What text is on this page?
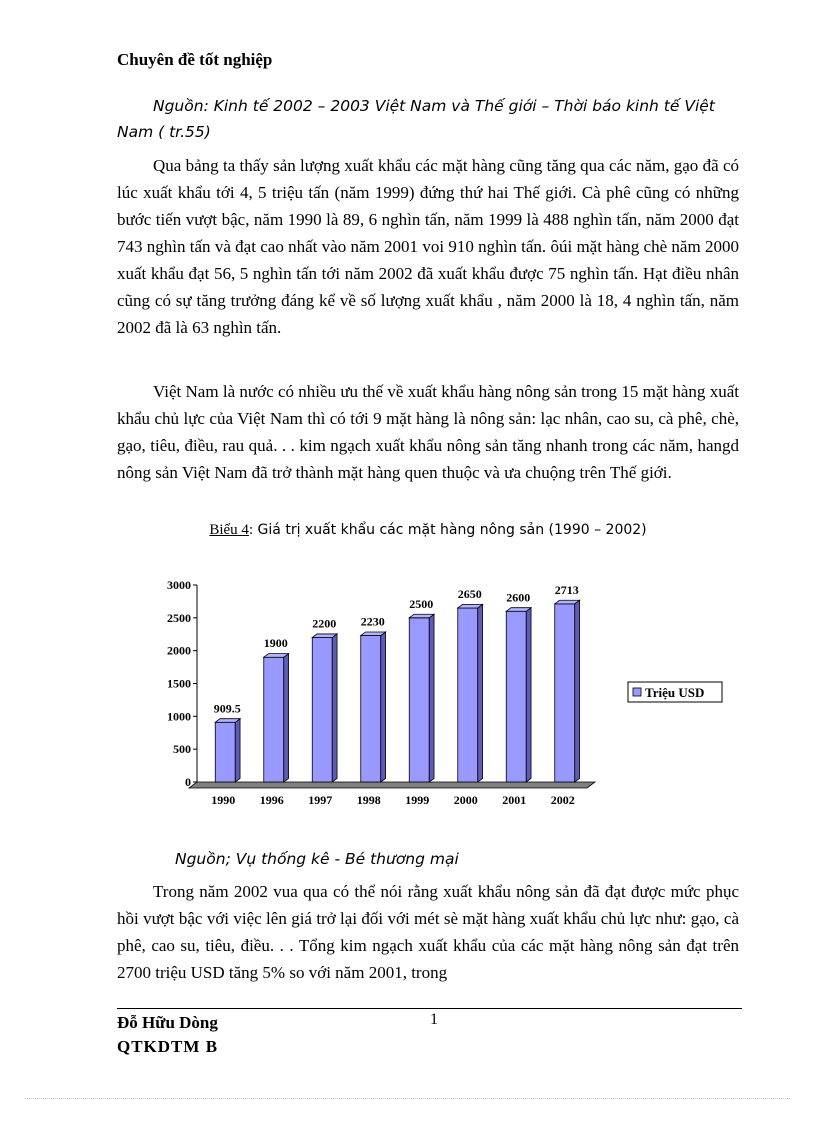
Chuyên đề tốt nghiệp
Nguồn: Kinh tế 2002 – 2003 Việt Nam và Thế giới – Thời báo kinh tế Việt Nam ( tr.55)

Qua bảng ta thấy sản lượng xuất khẩu các mặt hàng cũng tăng qua các năm, gạo đã có lúc xuất khẩu tới 4, 5 triệu tấn (năm 1999) đứng thứ hai Thế giới. Cà phê cũng có những bước tiến vượt bậc, năm 1990 là 89, 6 nghìn tấn, năm 1999 là 488 nghìn tấn, năm 2000 đạt 743 nghìn tấn và đạt cao nhất vào năm 2001 voi 910 nghìn tấn. ôúi mặt hàng chè năm 2000 xuất khẩu đạt 56, 5 nghìn tấn tới năm 2002 đã xuất khẩu được 75 nghìn tấn. Hạt điều nhân cũng có sự tăng trưởng đáng kể về số lượng xuất khẩu , năm 2000 là 18, 4 nghìn tấn, năm 2002 đã là 63 nghìn tấn.

Việt Nam là nước có nhiều ưu thế về xuất khẩu hàng nông sản trong 15 mặt hàng xuất khẩu chủ lực của Việt Nam thì có tới 9 mặt hàng là nông sản: lạc nhân, cao su, cà phê, chè, gạo, tiêu, điều, rau quả. . . kim ngạch xuất khẩu nông sản tăng nhanh trong các năm, hangd nông sản Việt Nam đã trở thành mặt hàng quen thuộc và ưa chuộng trên Thế giới.

Biểu 4: Giá trị xuất khẩu các mặt hàng nông sản (1990 – 2002)
0
500
1000
1500
2000
2500
3000
909.5
1990
1900
1996
2200
1997
2230
1998
2500
1999
2650
2000
2600
2001
2713
2002
Triệu USD
Nguồn; Vụ thống kê - Bé thương mại

Trong năm 2002 vua qua có thể nói rằng xuất khẩu nông sản đã đạt được mức phục hồi vượt bậc với việc lên giá trở lại đối với mét sè mặt hàng xuất khẩu chủ lực như: gạo, cà phê, cao su, tiêu, điều. . . Tổng kim ngạch xuất khẩu của các mặt hàng nông sản đạt trên 2700 triệu USD tăng 5% so với năm 2001, trong

Đỗ Hữu Dòng	1
QTKDTM B
